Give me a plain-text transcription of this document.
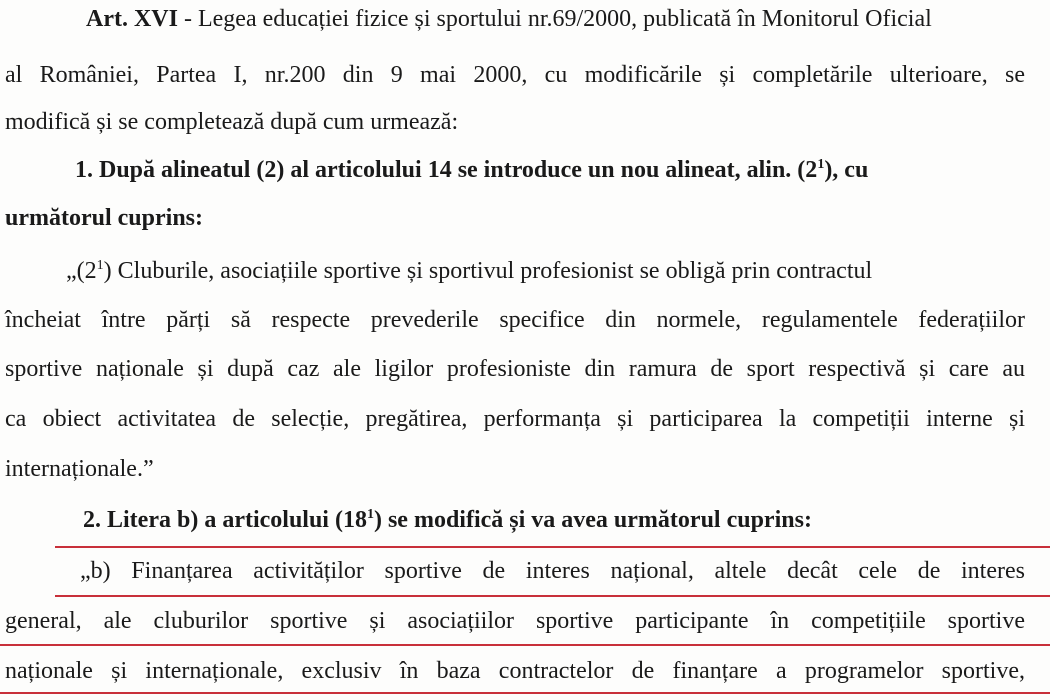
Art. XVI - Legea educației fizice și sportului nr.69/2000, publicată în Monitorul Oficial
al României, Partea I, nr.200 din 9 mai 2000, cu modificările și completările ulterioare, se
modifică și se completează după cum urmează:
1. După alineatul (2) al articolului 14 se introduce un nou alineat, alin. $(2^1)$, cu
următorul cuprins:
$„(2^1)$ Cluburile, asociațiile sportive și sportivul profesionist se obligă prin contractul
încheiat între părți să respecte prevederile specifice din normele, regulamentele federațiilor
sportive naționale și după caz ale ligilor profesioniste din ramura de sport respectivă și care au
ca obiect activitatea de selecție, pregătirea, performanța și participarea la competiții interne și
internaționale.”
2. Litera b) a articolului $(18^1)$ se modifică și va avea următorul cuprins:
„b) Finanțarea activităților sportive de interes național, altele decât cele de interes
general, ale cluburilor sportive și asociațiilor sportive participante în competițiile sportive
naționale și internaționale, exclusiv în baza contractelor de finanțare a programelor sportive,
